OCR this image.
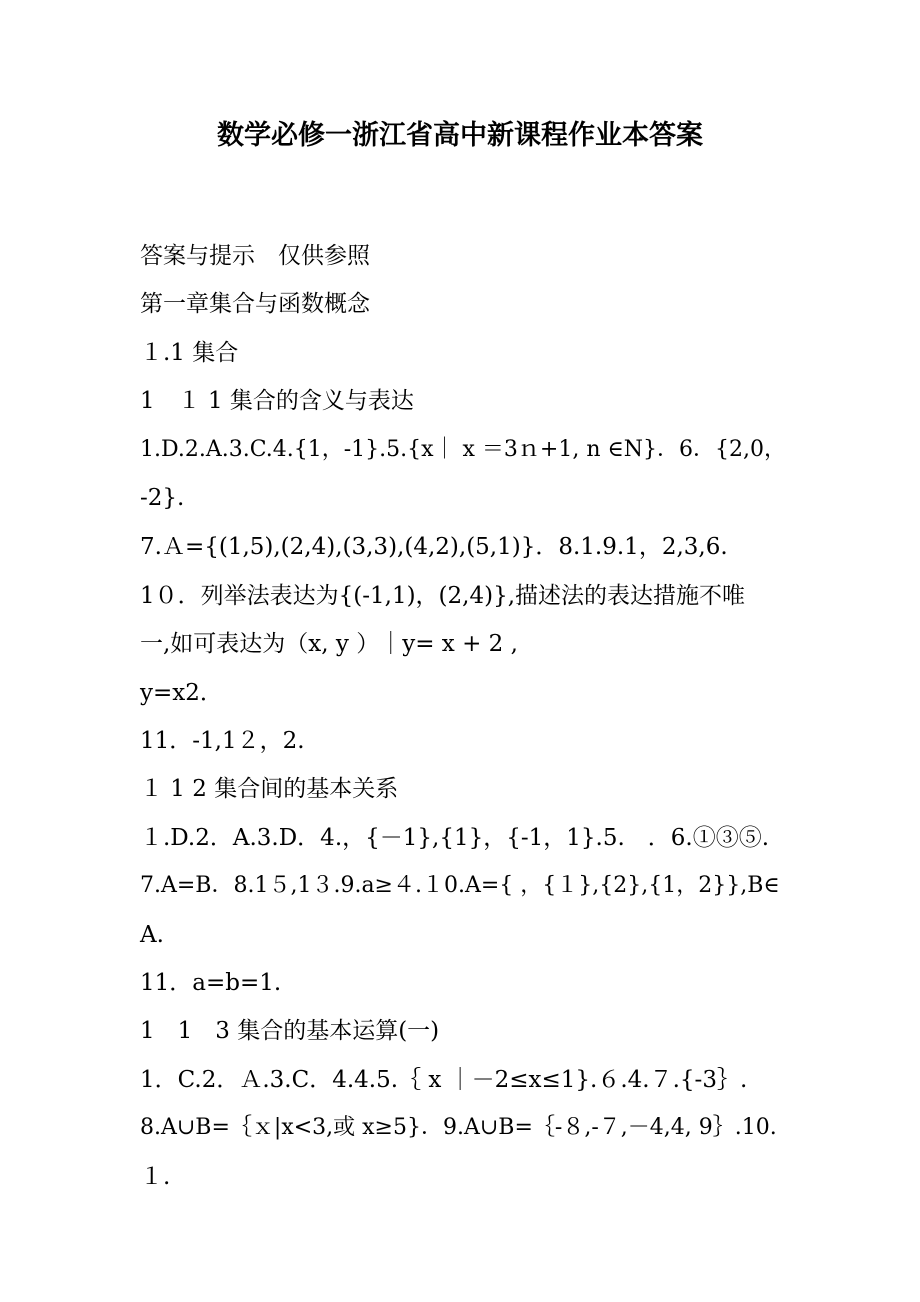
数学必修一浙江省高中新课程作业本答案
答案与提示　仅供参照
第一章集合与函数概念
１.1 集合
1　１ 1 集合的含义与表达
1.D.2.A.3.C.4.{1，-1}.5.{x｜ x ＝3ｎ+1, n ∈N}．6．{2,0，
-2}.
7.Ａ={(1,5),(2,4),(3,3),(4,2),(5,1)}．8.1.9.1，2,3,6.
1０．列举法表达为{(-1,1)，(2,4)},描述法的表达措施不唯
一,如可表达为（x, y ）｜y= x + 2 ,
y=x2．
11．-1,1２，2.
１ 1 2 集合间的基本关系
１.D.2．A.3.D．4.，{－1},{1}，{-1，1}.5.　．6.①③⑤.
7.A=B．8.1５,1３.9.a≥４.１0.A={ ，{１},{2},{1，2}},B∈
A.
11．a=b=1.
1　1　3 集合的基本运算(一)
1．C.2．Ａ.3.C．4.4.5.｛ x ｜－2≤x≤1}.６.4.７.{-3｝.
8.A∪B=｛ｘ|x<3,或 x≥5}．9.A∪B=｛-８,-７,－4,4, 9｝.10.
１.
